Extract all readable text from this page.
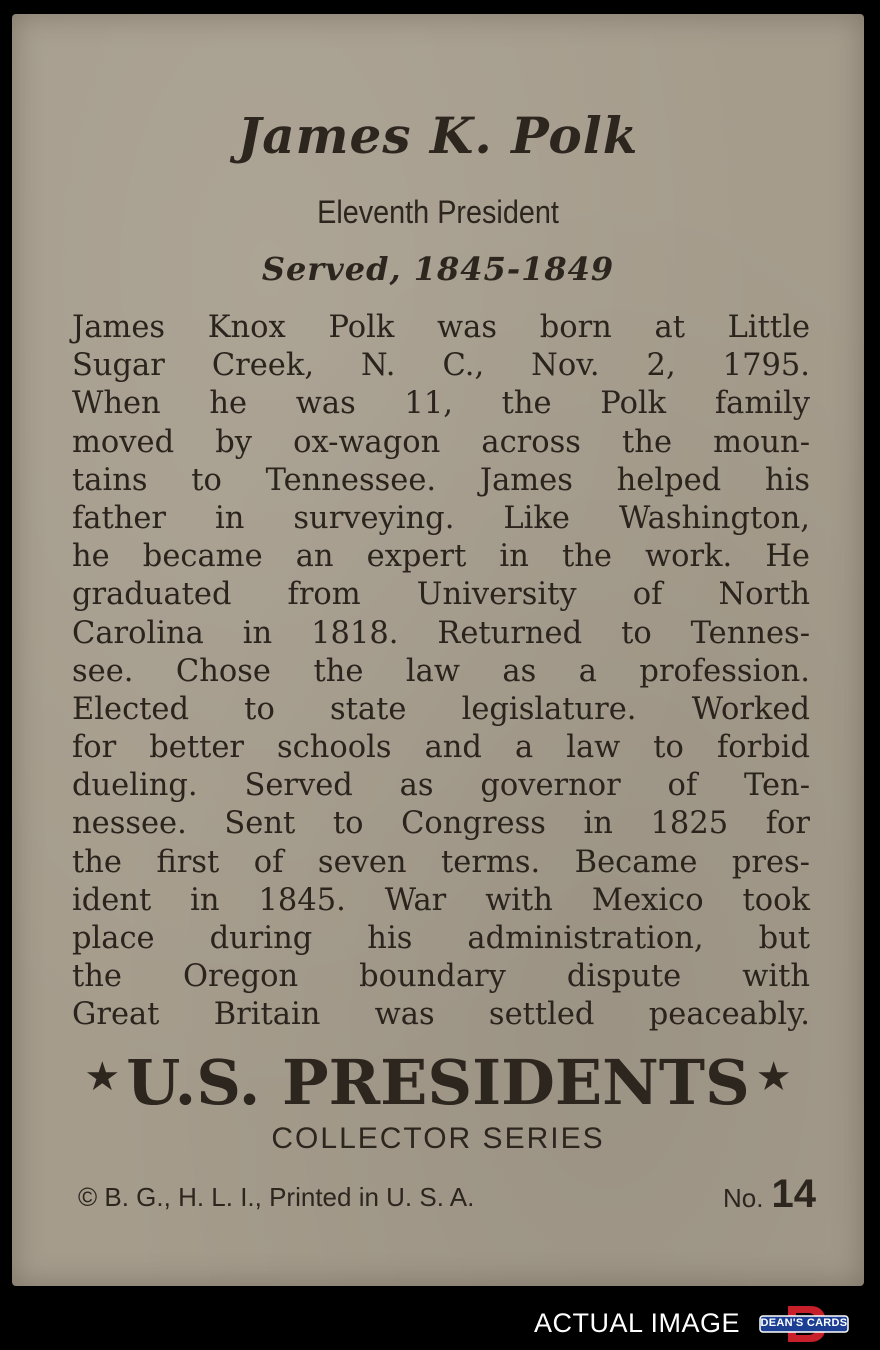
James K. Polk
Eleventh President
Served, 1845-1849
James Knox Polk was born at Little
Sugar Creek, N. C., Nov. 2, 1795.
When he was 11, the Polk family
moved by ox-wagon across the moun-
tains to Tennessee. James helped his
father in surveying. Like Washington,
he became an expert in the work. He
graduated from University of North
Carolina in 1818. Returned to Tennes-
see. Chose the law as a profession.
Elected to state legislature. Worked
for better schools and a law to forbid
dueling. Served as governor of Ten-
nessee. Sent to Congress in 1825 for
the first of seven terms. Became pres-
ident in 1845. War with Mexico took
place during his administration, but
the Oregon boundary dispute with
Great Britain was settled peaceably.
★U.S. PRESIDENTS ★
COLLECTOR SERIES
© B. G., H. L. I., Printed in U. S. A.	No. 14
ACTUAL IMAGE DEAN'S CARDS
